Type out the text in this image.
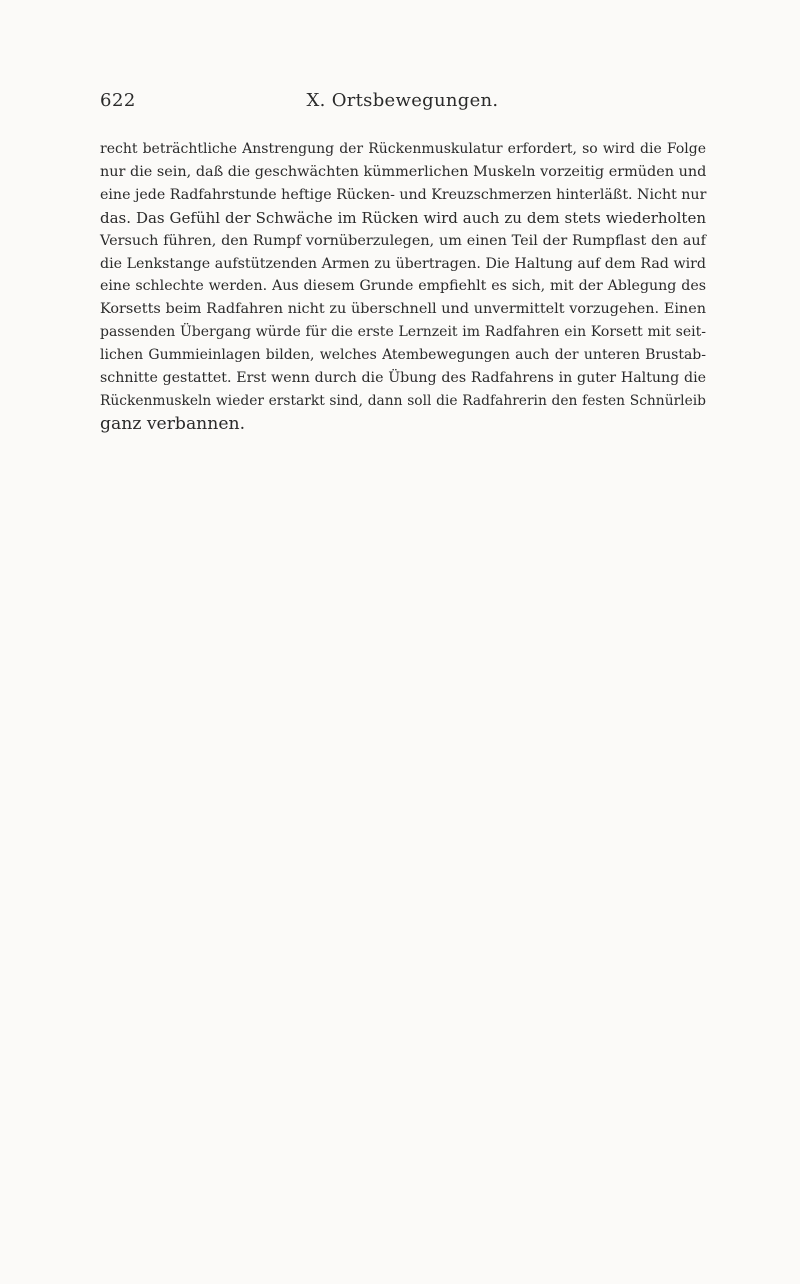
622	X. Ortsbewegungen.
recht beträchtliche Anstrengung der Rückenmuskulatur erfordert, so wird die Folge
nur die sein, daß die geschwächten kümmerlichen Muskeln vorzeitig ermüden und
eine jede Radfahrstunde heftige Rücken- und Kreuzschmerzen hinterläßt. Nicht nur
das. Das Gefühl der Schwäche im Rücken wird auch zu dem stets wiederholten
Versuch führen, den Rumpf vornüberzulegen, um einen Teil der Rumpflast den auf
die Lenkstange aufstützenden Armen zu übertragen. Die Haltung auf dem Rad wird
eine schlechte werden. Aus diesem Grunde empfiehlt es sich, mit der Ablegung des
Korsetts beim Radfahren nicht zu überschnell und unvermittelt vorzugehen. Einen
passenden Übergang würde für die erste Lernzeit im Radfahren ein Korsett mit seit-
lichen Gummieinlagen bilden, welches Atembewegungen auch der unteren Brustab-
schnitte gestattet. Erst wenn durch die Übung des Radfahrens in guter Haltung die
Rückenmuskeln wieder erstarkt sind, dann soll die Radfahrerin den festen Schnürleib
ganz verbannen.
